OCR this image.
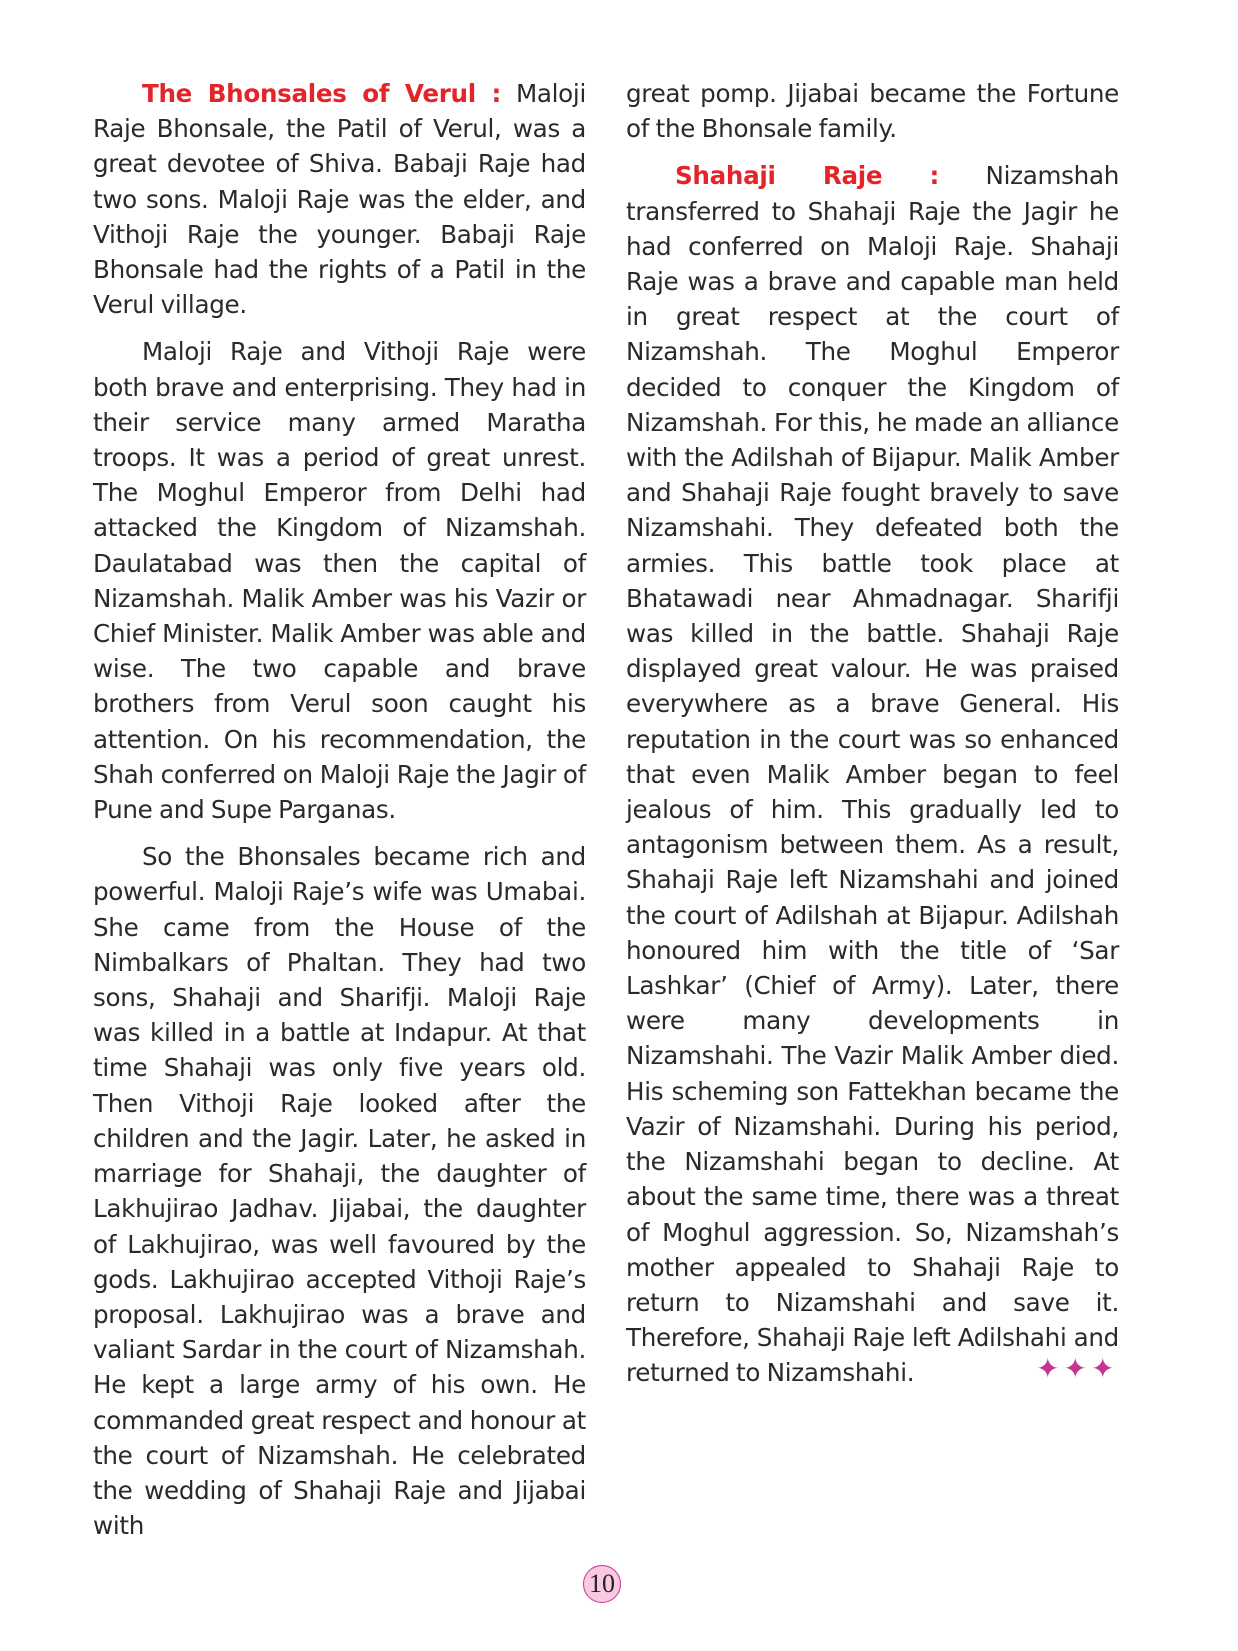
The Bhonsales of Verul : Maloji Raje Bhonsale, the Patil of Verul, was a great devotee of Shiva. Babaji Raje had two sons. Maloji Raje was the elder, and Vithoji Raje the younger. Babaji Raje Bhonsale had the rights of a Patil in the Verul village.

Maloji Raje and Vithoji Raje were both brave and enterprising. They had in their service many armed Maratha troops. It was a period of great unrest. The Moghul Emperor from Delhi had attacked the Kingdom of Nizamshah. Daulatabad was then the capital of Nizamshah. Malik Amber was his Vazir or Chief Minister. Malik Amber was able and wise. The two capable and brave brothers from Verul soon caught his attention. On his recommendation, the Shah conferred on Maloji Raje the Jagir of Pune and Supe Parganas.

So the Bhonsales became rich and powerful. Maloji Raje’s wife was Umabai. She came from the House of the Nimbalkars of Phaltan. They had two sons, Shahaji and Sharifji. Maloji Raje was killed in a battle at Indapur. At that time Shahaji was only five years old. Then Vithoji Raje looked after the children and the Jagir. Later, he asked in marriage for Shahaji, the daughter of Lakhujirao Jadhav. Jijabai, the daughter of Lakhujirao, was well favoured by the gods. Lakhujirao accepted Vithoji Raje’s proposal. Lakhujirao was a brave and valiant Sardar in the court of Nizamshah. He kept a large army of his own. He commanded great respect and honour at the court of Nizamshah. He celebrated the wedding of Shahaji Raje and Jijabai with

great pomp. Jijabai became the Fortune of the Bhonsale family.

Shahaji Raje : Nizamshah transferred to Shahaji Raje the Jagir he had conferred on Maloji Raje. Shahaji Raje was a brave and capable man held in great respect at the court of Nizamshah. The Moghul Emperor decided to conquer the Kingdom of Nizamshah. For this, he made an alliance with the Adilshah of Bijapur. Malik Amber and Shahaji Raje fought bravely to save Nizamshahi. They defeated both the armies. This battle took place at Bhatawadi near Ahmadnagar. Sharifji was killed in the battle. Shahaji Raje displayed great valour. He was praised everywhere as a brave General. His reputation in the court was so enhanced that even Malik Amber began to feel jealous of him. This gradually led to antagonism between them. As a result, Shahaji Raje left Nizamshahi and joined the court of Adilshah at Bijapur. Adilshah honoured him with the title of ‘Sar Lashkar’ (Chief of Army). Later, there were many developments in Nizamshahi. The Vazir Malik Amber died. His scheming son Fattekhan became the Vazir of Nizamshahi. During his period, the Nizamshahi began to decline. At about the same time, there was a threat of Moghul aggression. So, Nizamshah’s mother appealed to Shahaji Raje to return to Nizamshahi and save it. Therefore, Shahaji Raje left Adilshahi and returned to Nizamshahi.	✦ ✦ ✦
10
